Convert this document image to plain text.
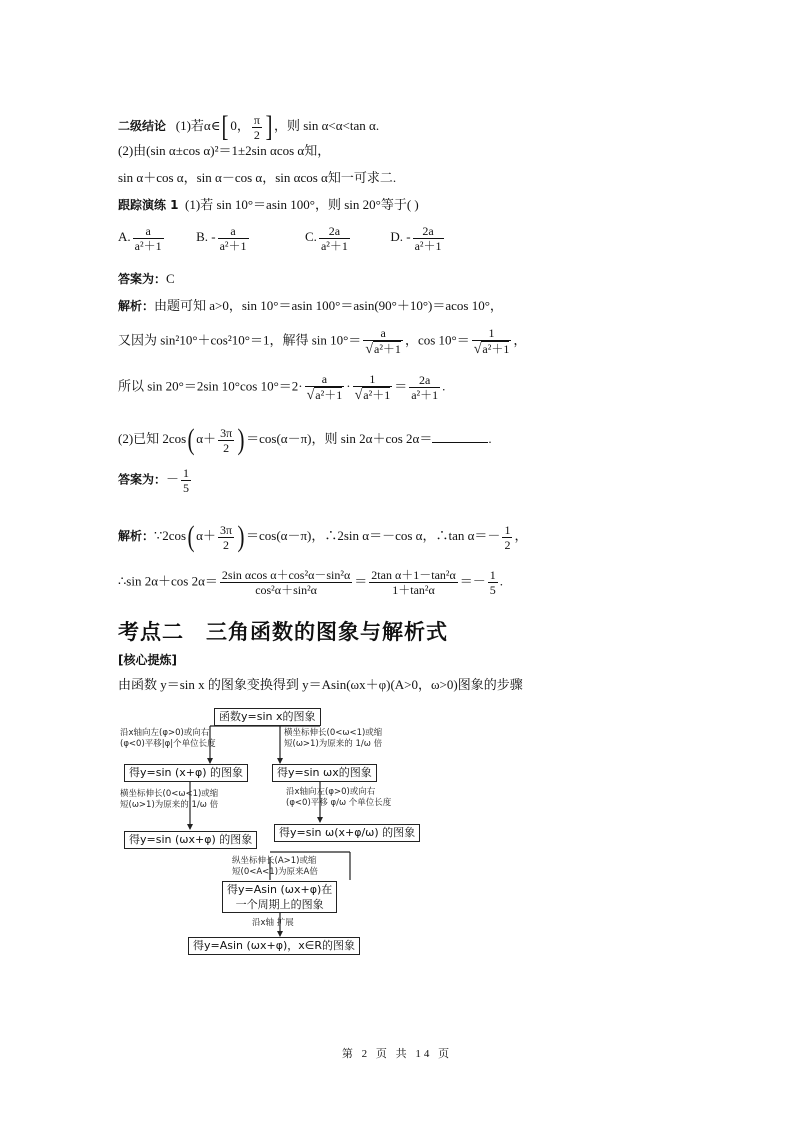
二级结论 (1)若α∈[ 0， $\frac{\pi}{2}$ ] ，则 sin α<α<tan α.
(2)由(sin α±cos α)²＝1±2sin αcos α知，
sin α＋cos α，sin α－cos α，sin αcos α知一可求二.
跟踪演练 1 (1)若 sin 10°＝asin 100°，则 sin 20°等于( )
A. $\frac{a}{\text{a²＋1}}$	B. - $\frac{a}{\text{a²＋1}}$	C. $\frac{2a}{\text{a²＋1}}$	D. - $\frac{2a}{\text{a²＋1}}$
答案为：C
解析：由题可知 a>0，sin 10°＝asin 100°＝asin(90°＋10°)＝acos 10°，
又因为 sin²10°＋cos²10°＝1，解得 $\sin 10^\circ= \frac{a}{\text{√a²＋1}}$ ，$\cos 10^\circ= \frac{1}{\text{√a²＋1}}$ ，
所以 sin 20°＝2sin 10°cos $10^\circ=2\cdot \frac{a}{\text{√a²＋1}} \cdot \frac{1}{\text{√a²＋1}} = \frac{2a}{\text{a²＋1}}$ .
(2)已知 2cos( $\alpha+ \frac{3\pi}{2}$ ) ＝cos(α－π)，则 sin 2α＋cos 2α＝	.
答案为：－ $\frac{1}{5}$
解析：∵2cos( $\alpha+ \frac{3\pi}{2}$ ) ＝cos(α－π)，∴2sin α＝－cos α，∴tan $\alpha=- \frac{1}{2}$ ，
∴sin 2α＋cos $2\alpha= \frac{\text{2sin αcos α＋cos²α－sin²α}}{\text{cos²α＋sin²α}} = \frac{\text{2tan α＋1－tan²α}}{\text{1＋tan²α}} =- \frac{1}{5}$ .
考点二　三角函数的图象与解析式
[核心提炼]
由函数 y＝sin x 的图象变换得到 y＝Asin(ωx＋φ)(A>0，ω>0)图象的步骤
函数y=sin x的图象
得y=sin (x+φ) 的图象	得y=sin ωx的图象
得y=sin (ωx+φ) 的图象
得y=sin ω(x+φ/ω) 的图象
得y=Asin (ωx+φ)在
一个周期上的图象
得y=Asin (ωx+φ)，x∈R的图象
沿x轴向左(φ>0)或向右
(φ<0)平移|φ|个单位长度
横坐标伸长(0<ω<1)或缩
短(ω>1)为原来的 1/ω 倍
横坐标伸长(0<ω<1)或缩
短(ω>1)为原来的 1/ω 倍
沿x轴向左(φ>0)或向右
(φ<0)平移 φ/ω 个单位长度
纵坐标伸长(A>1)或缩
短(0<A<1)为原来A倍
沿x轴 扩展
第 2 页 共 14 页
